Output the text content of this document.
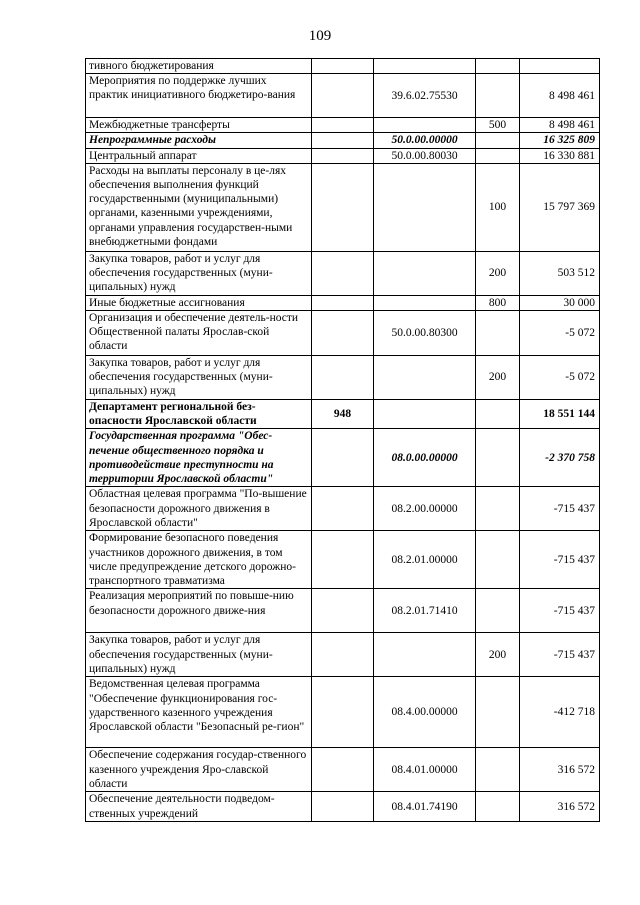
109
тивного бюджетирования				
Мероприятия по поддержке лучших практик инициативного бюджетиро-вания		39.6.02.75530		8 498 461
Межбюджетные трансферты			500	8 498 461
Непрограммные расходы		50.0.00.00000		16 325 809
Центральный аппарат		50.0.00.80030		16 330 881
Расходы на выплаты персоналу в це-лях обеспечения выполнения функций государственными (муниципальными) органами, казенными учреждениями, органами управления государствен-ными внебюджетными фондами			100	15 797 369
Закупка товаров, работ и услуг для обеспечения государственных (муни-ципальных) нужд			200	503 512
Иные бюджетные ассигнования			800	30 000
Организация и обеспечение деятель-ности Общественной палаты Ярослав-ской области		50.0.00.80300		-5 072
Закупка товаров, работ и услуг для обеспечения государственных (муни-ципальных) нужд			200	-5 072
Департамент региональной без-опасности Ярославской области	948			18 551 144
Государственная программа "Обес-печение общественного порядка и противодействие преступности на территории Ярославской области"		08.0.00.00000		-2 370 758
Областная целевая программа "По-вышение безопасности дорожного движения в Ярославской области"		08.2.00.00000		-715 437
Формирование безопасного поведения участников дорожного движения, в том числе предупреждение детского дорожно-транспортного травматизма		08.2.01.00000		-715 437
Реализация мероприятий по повыше-нию безопасности дорожного движе-ния		08.2.01.71410		-715 437
Закупка товаров, работ и услуг для обеспечения государственных (муни-ципальных) нужд			200	-715 437
Ведомственная целевая программа "Обеспечение функционирования гос-ударственного казенного учреждения Ярославской области "Безопасный ре-гион"		08.4.00.00000		-412 718
Обеспечение содержания государ-ственного казенного учреждения Яро-славской области		08.4.01.00000		316 572
Обеспечение деятельности подведом-ственных учреждений		08.4.01.74190		316 572
